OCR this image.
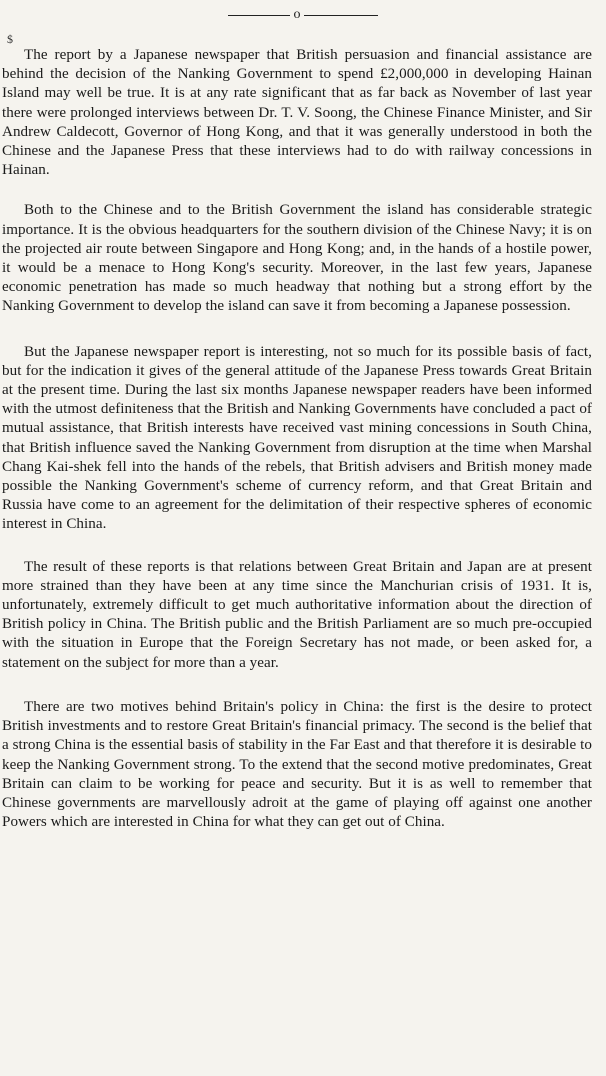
o
$

The report by a Japanese newspaper that British persuasion and financial assistance are behind the decision of the Nanking Government to spend £2,000,000 in developing Hainan Island may well be true. It is at any rate significant that as far back as November of last year there were prolonged interviews between Dr. T. V. Soong, the Chinese Finance Minister, and Sir Andrew Caldecott, Governor of Hong Kong, and that it was generally understood in both the Chinese and the Japanese Press that these interviews had to do with railway concessions in Hainan.

Both to the Chinese and to the British Government the island has considerable strategic importance. It is the obvious headquarters for the southern division of the Chinese Navy; it is on the projected air route between Singapore and Hong Kong; and, in the hands of a hostile power, it would be a menace to Hong Kong's security. Moreover, in the last few years, Japanese economic penetration has made so much headway that nothing but a strong effort by the Nanking Government to develop the island can save it from becoming a Japanese possession.

But the Japanese newspaper report is interesting, not so much for its possible basis of fact, but for the indication it gives of the general attitude of the Japanese Press towards Great Britain at the present time. During the last six months Japanese newspaper readers have been informed with the utmost definiteness that the British and Nanking Governments have concluded a pact of mutual assistance, that British interests have received vast mining concessions in South China, that British influence saved the Nanking Government from disruption at the time when Marshal Chang Kai-shek fell into the hands of the rebels, that British advisers and British money made possible the Nanking Government's scheme of currency reform, and that Great Britain and Russia have come to an agreement for the delimitation of their respective spheres of economic interest in China.

The result of these reports is that relations between Great Britain and Japan are at present more strained than they have been at any time since the Manchurian crisis of 1931. It is, unfortunately, extremely difficult to get much authoritative information about the direction of British policy in China. The British public and the British Parliament are so much pre-occupied with the situation in Europe that the Foreign Secretary has not made, or been asked for, a statement on the subject for more than a year.

There are two motives behind Britain's policy in China: the first is the desire to protect British investments and to restore Great Britain's financial primacy. The second is the belief that a strong China is the essential basis of stability in the Far East and that therefore it is desirable to keep the Nanking Government strong. To the extend that the second motive predominates, Great Britain can claim to be working for peace and security. But it is as well to remember that Chinese governments are marvellously adroit at the game of playing off against one another Powers which are interested in China for what they can get out of China.
